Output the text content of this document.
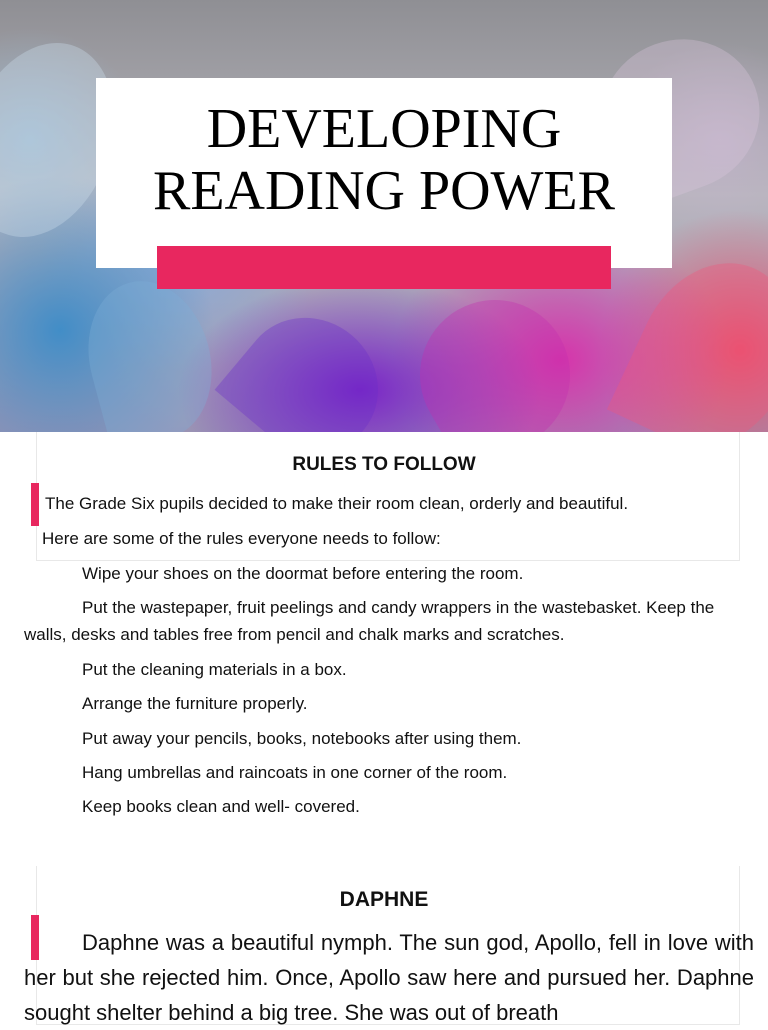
DEVELOPING
READING POWER
RULES TO FOLLOW
The Grade Six pupils decided to make their room clean, orderly and beautiful.
Here are some of the rules everyone needs to follow:
Wipe your shoes on the doormat before entering the room.
Put the wastepaper, fruit peelings and candy wrappers in the wastebasket. Keep the walls, desks and tables free from pencil and chalk marks and scratches.
Put the cleaning materials in a box.
Arrange the furniture properly.
Put away your pencils, books, notebooks after using them.
Hang umbrellas and raincoats in one corner of the room.
Keep books clean and well- covered.
DAPHNE
Daphne was a beautiful nymph. The sun god, Apollo, fell in love with her but she rejected him. Once, Apollo saw here and pursued her. Daphne sought shelter behind a big tree. She was out of breath
